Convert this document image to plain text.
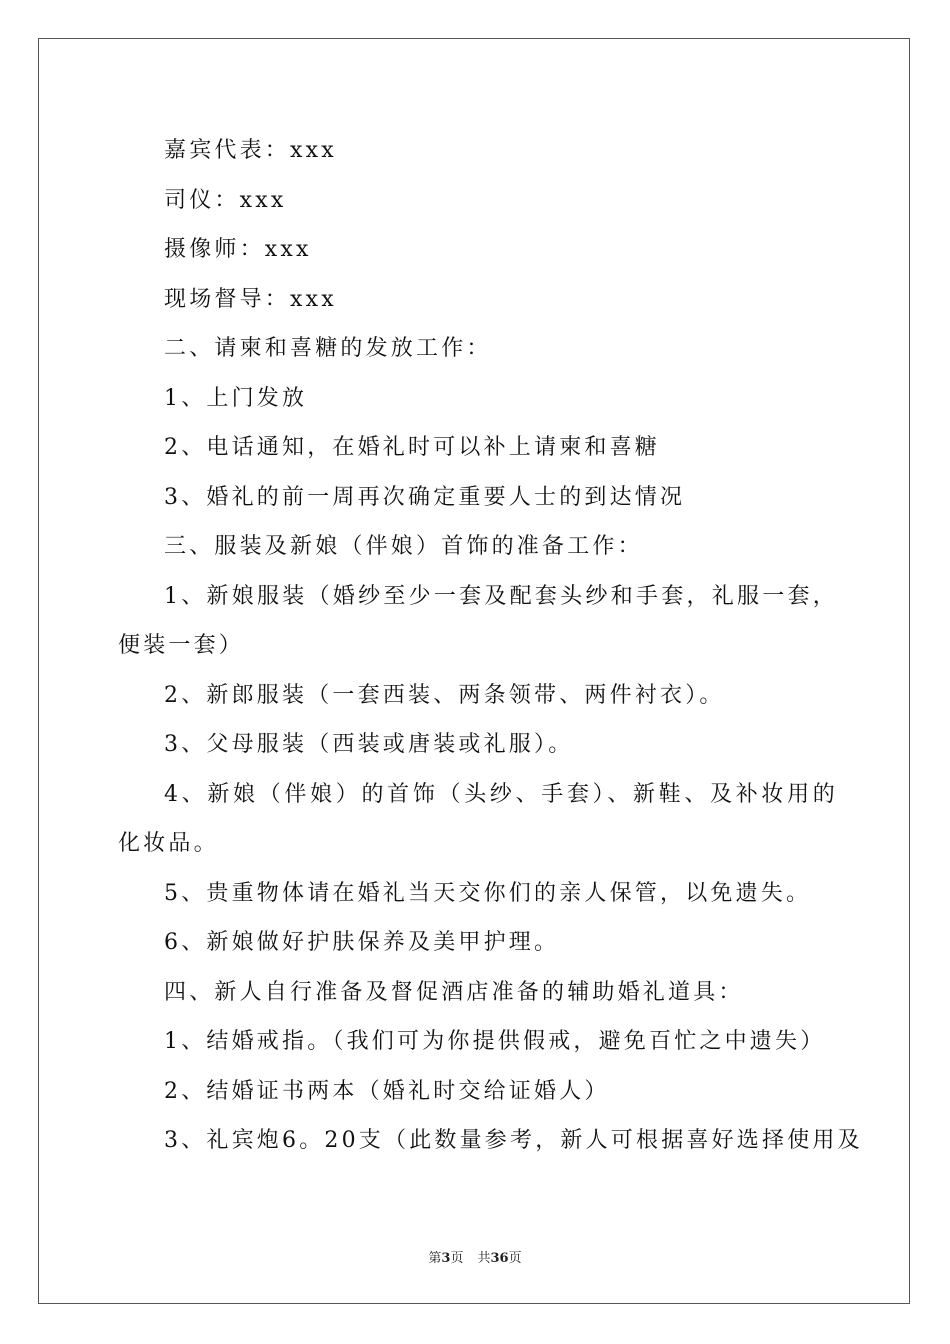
嘉宾代表：xxx

司仪：xxx

摄像师：xxx

现场督导：xxx

二、请柬和喜糖的发放工作：

1、上门发放

2、电话通知，在婚礼时可以补上请柬和喜糖

3、婚礼的前一周再次确定重要人士的到达情况

三、服装及新娘（伴娘）首饰的准备工作：

1、新娘服装（婚纱至少一套及配套头纱和手套，礼服一套，便装一套）

2、新郎服装（一套西装、两条领带、两件衬衣）。

3、父母服装（西装或唐装或礼服）。

4、新娘（伴娘）的首饰（头纱、手套）、新鞋、及补妆用的化妆品。

5、贵重物体请在婚礼当天交你们的亲人保管，以免遗失。

6、新娘做好护肤保养及美甲护理。

四、新人自行准备及督促酒店准备的辅助婚礼道具：

1、结婚戒指。（我们可为你提供假戒，避免百忙之中遗失）

2、结婚证书两本（婚礼时交给证婚人）

3、礼宾炮6。20支（此数量参考，新人可根据喜好选择使用及

第3页 共36页
